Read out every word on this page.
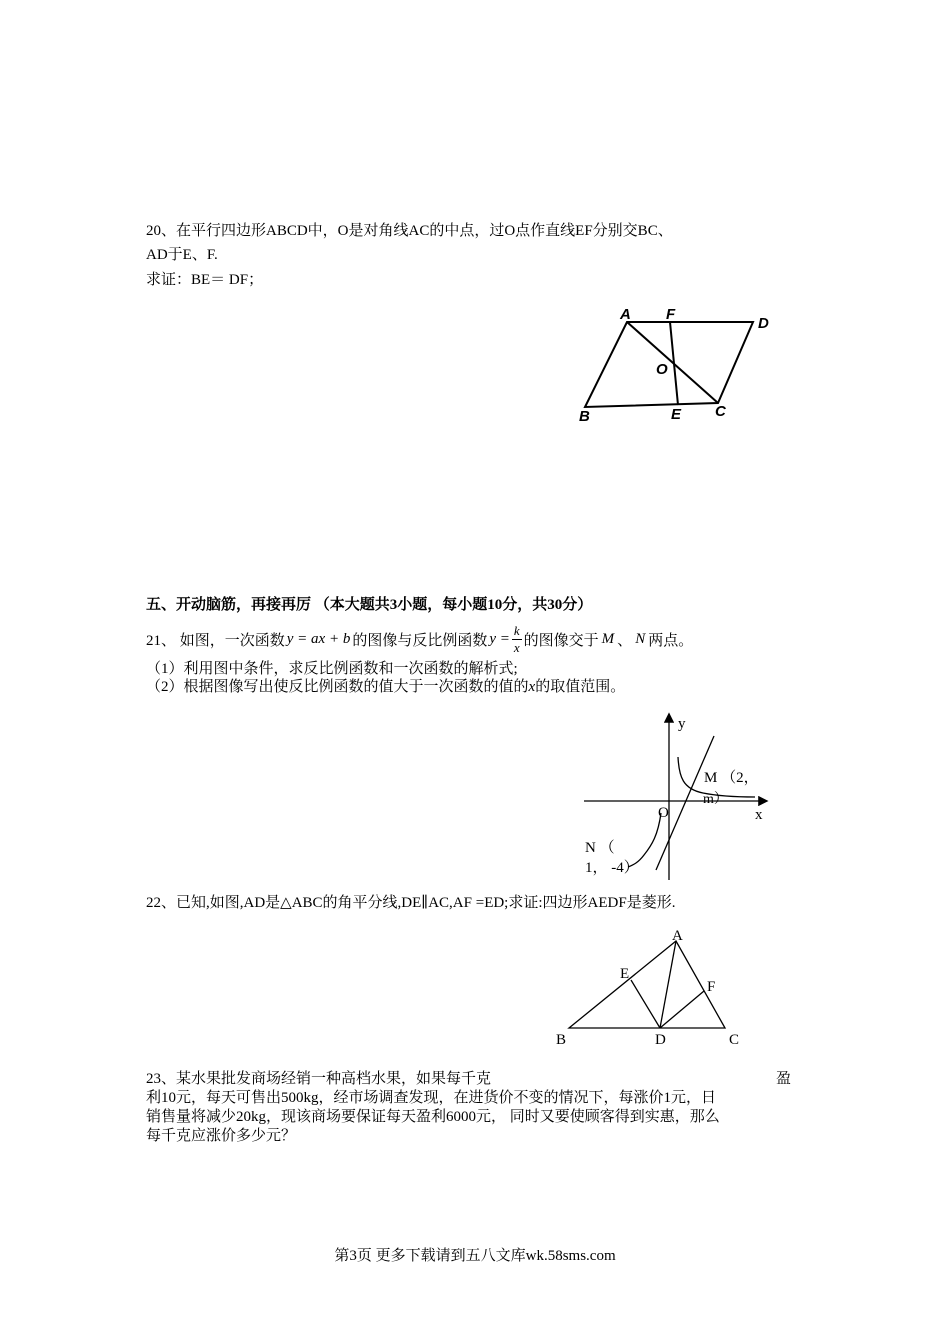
20、在平行四边形ABCD中，O是对角线AC的中点，过O点作直线EF分别交BC、
AD于E、F.
求证：BE＝ DF；
A F
D
O
B	E C
五、开动脑筋，再接再厉 （本大题共3小题，每小题10分，共30分）
21、 如图，一次函数 y = ax + b 的图像与反比例函数 $y = \frac{k}{x}$ 的图像交于 M 、 N 两点。
（1）利用图中条件，求反比例函数和一次函数的解析式;
（2）根据图像写出使反比例函数的值大于一次函数的值的x的取值范围。
y
x
O
M （2，
m）
N （
1， -4）
22、已知,如图,AD是△ABC的角平分线,DE∥AC,AF =ED;求证:四边形AEDF是菱形.
A
E
F
B	D	C
23、某水果批发商场经销一种高档水果，如果每千克	盈
利10元，每天可售出500kg，经市场调查发现，在进货价不变的情况下，每涨价1元，日
销售量将减少20kg，现该商场要保证每天盈利6000元， 同时又要使顾客得到实惠，那么
每千克应涨价多少元？
第3页 更多下载请到五八文库wk.58sms.com
